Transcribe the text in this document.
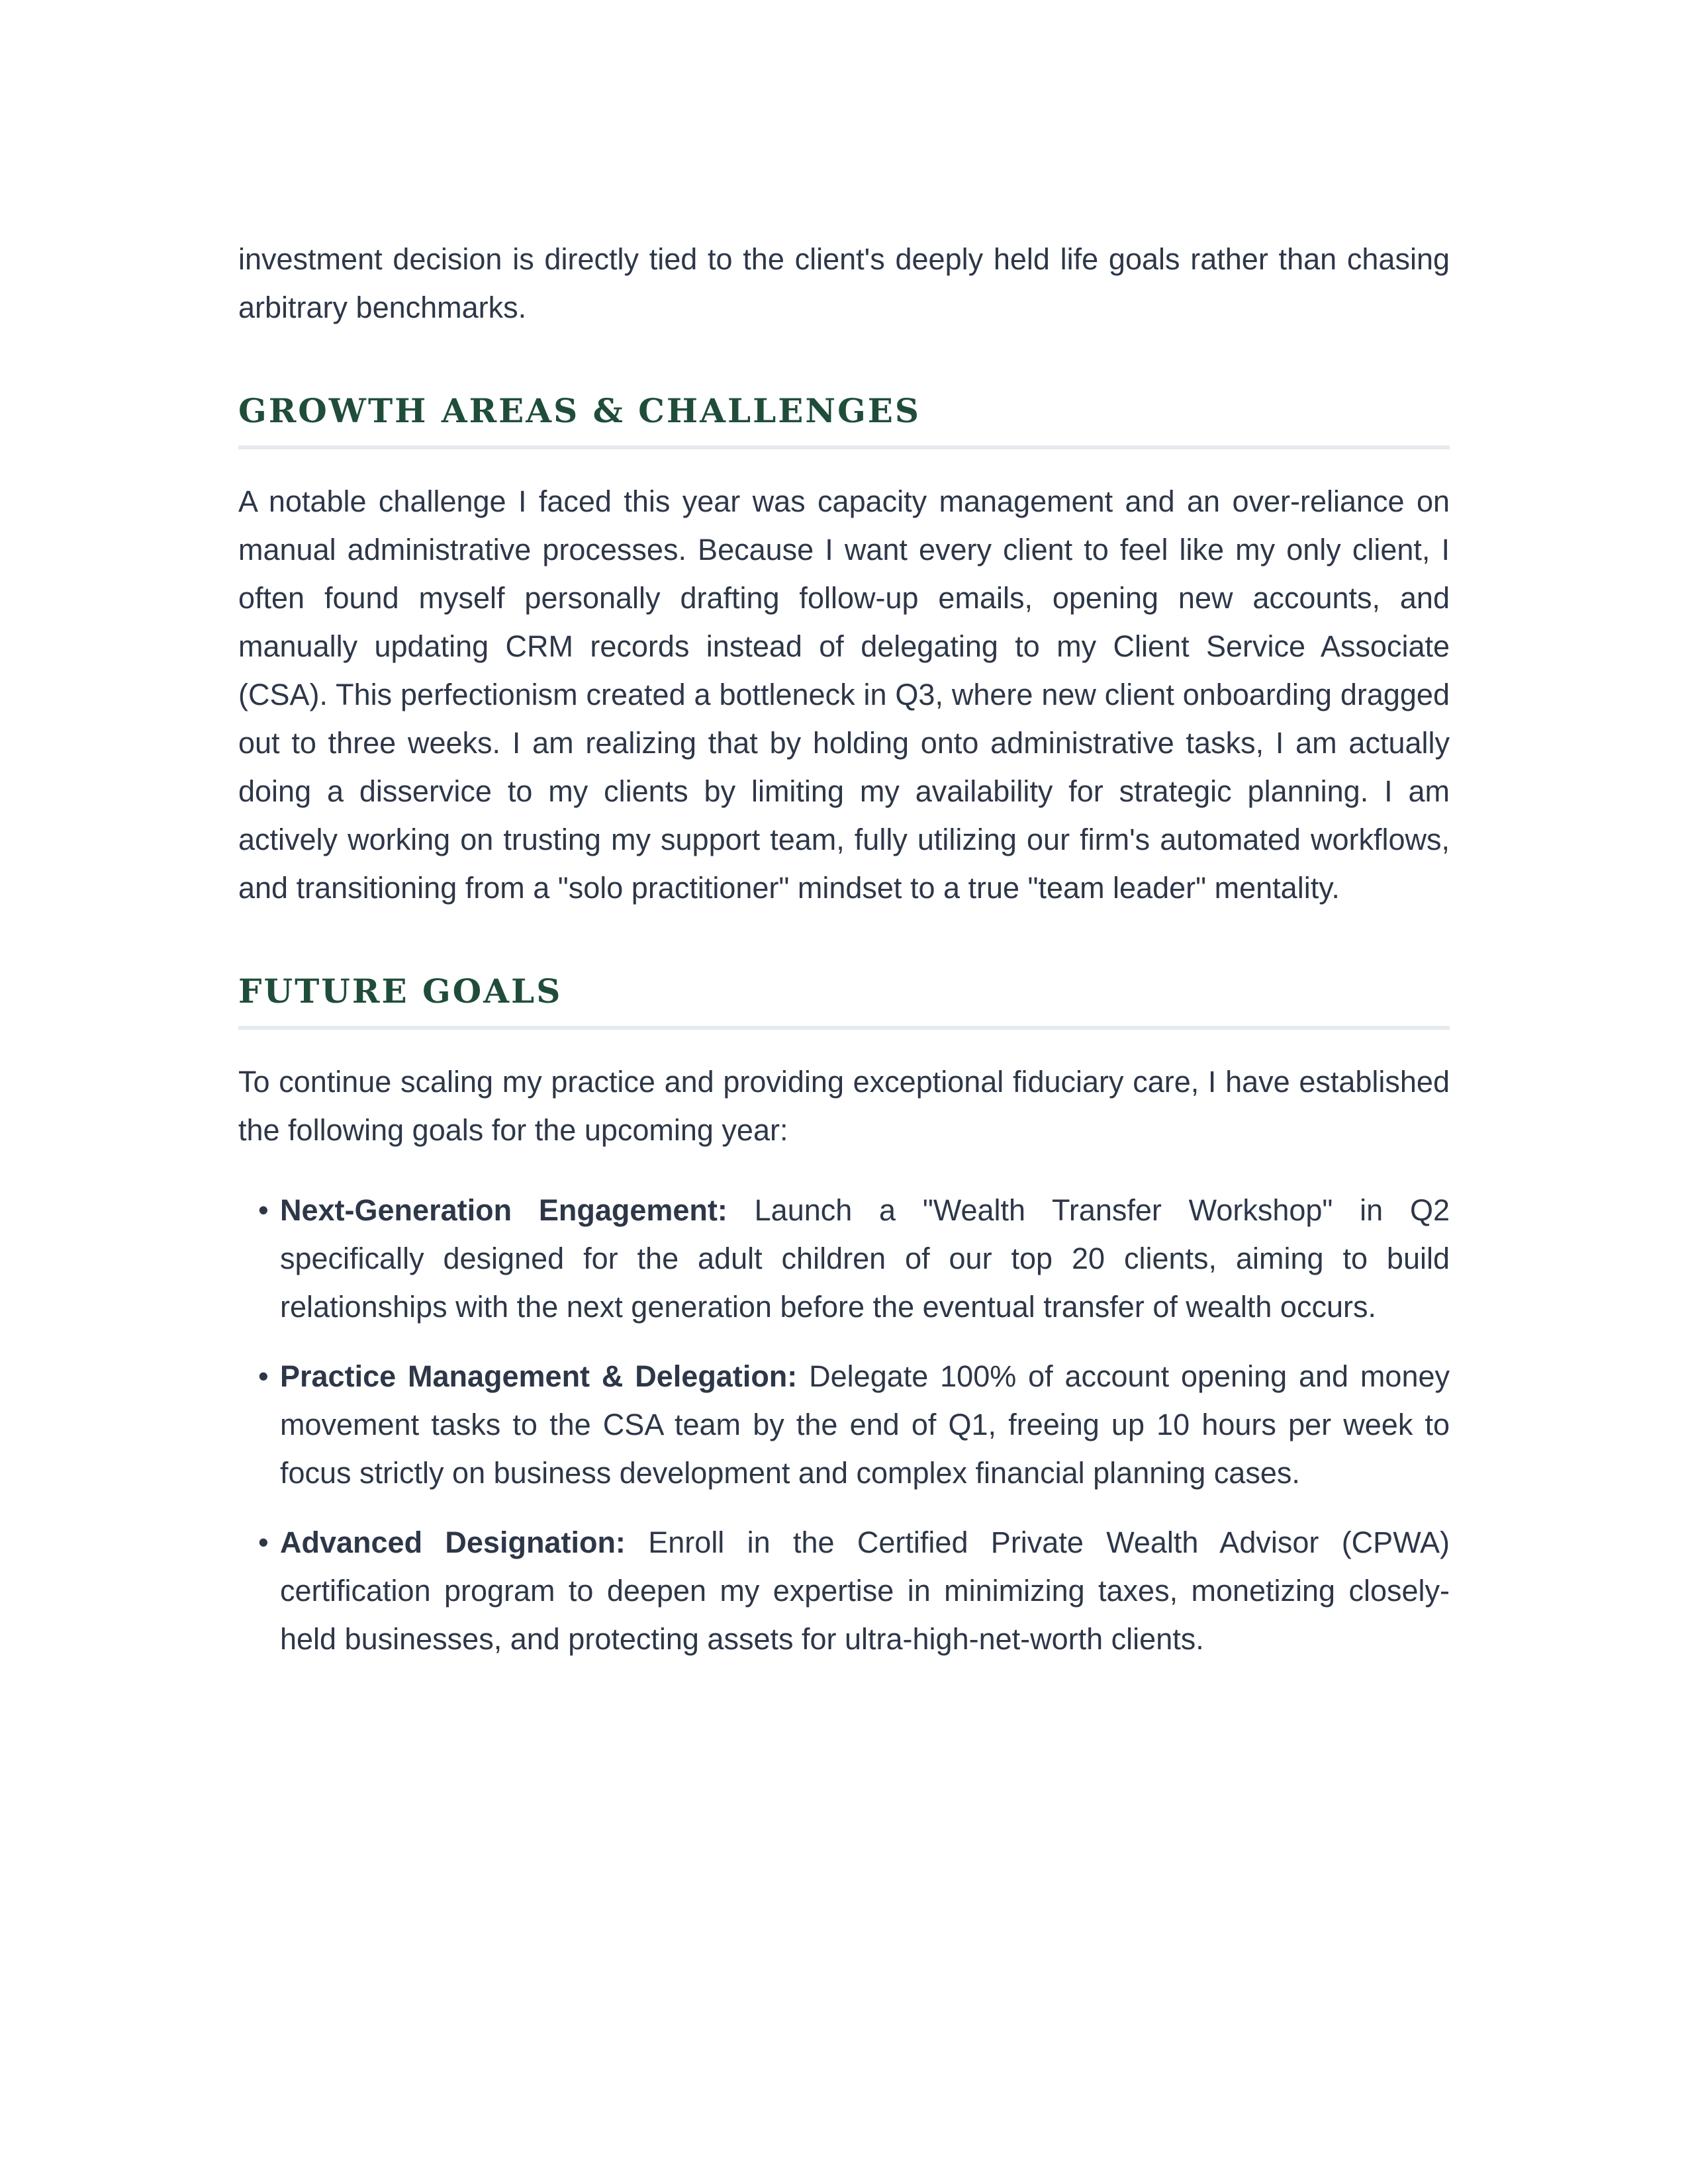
investment decision is directly tied to the client's deeply held life goals rather than chasing arbitrary benchmarks.

GROWTH AREAS & CHALLENGES

A notable challenge I faced this year was capacity management and an over-reliance on manual administrative processes. Because I want every client to feel like my only client, I often found myself personally drafting follow-up emails, opening new accounts, and manually updating CRM records instead of delegating to my Client Service Associate (CSA). This perfectionism created a bottleneck in Q3, where new client onboarding dragged out to three weeks. I am realizing that by holding onto administrative tasks, I am actually doing a disservice to my clients by limiting my availability for strategic planning. I am actively working on trusting my support team, fully utilizing our firm's automated workflows, and transitioning from a "solo practitioner" mindset to a true "team leader" mentality.

FUTURE GOALS

To continue scaling my practice and providing exceptional fiduciary care, I have established the following goals for the upcoming year:

• Next-Generation Engagement: Launch a "Wealth Transfer Workshop" in Q2 specifically designed for the adult children of our top 20 clients, aiming to build relationships with the next generation before the eventual transfer of wealth occurs.
• Practice Management & Delegation: Delegate 100% of account opening and money movement tasks to the CSA team by the end of Q1, freeing up 10 hours per week to focus strictly on business development and complex financial planning cases.
• Advanced Designation: Enroll in the Certified Private Wealth Advisor (CPWA) certification program to deepen my expertise in minimizing taxes, monetizing closely-held businesses, and protecting assets for ultra-high-net-worth clients.
